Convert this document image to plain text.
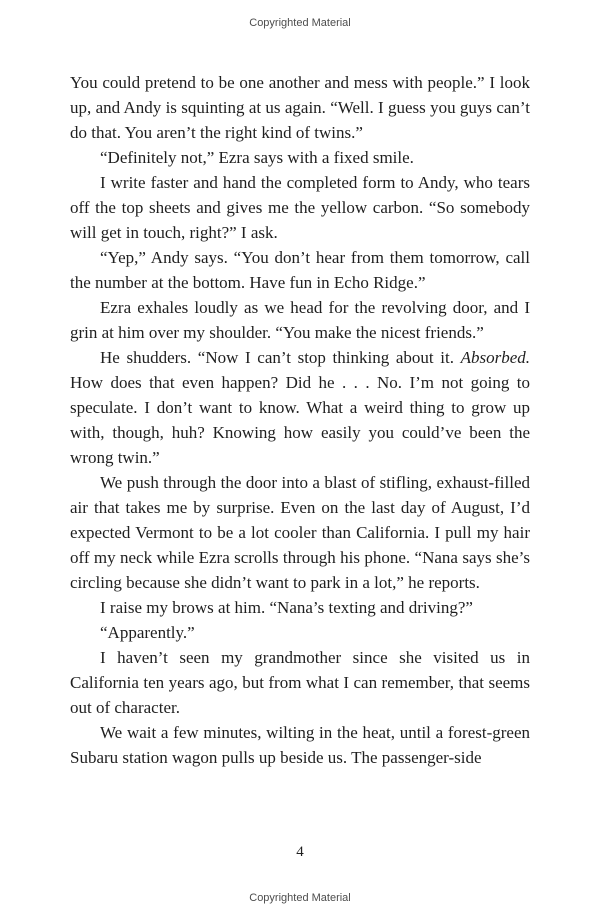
Copyrighted Material

You could pretend to be one another and mess with people.” I look up, and Andy is squinting at us again. “Well. I guess you guys can’t do that. You aren’t the right kind of twins.”

“Definitely not,” Ezra says with a fixed smile.

I write faster and hand the completed form to Andy, who tears off the top sheets and gives me the yellow carbon. “So somebody will get in touch, right?” I ask.

“Yep,” Andy says. “You don’t hear from them tomorrow, call the number at the bottom. Have fun in Echo Ridge.”

Ezra exhales loudly as we head for the revolving door, and I grin at him over my shoulder. “You make the nicest friends.”

He shudders. “Now I can’t stop thinking about it. Absorbed. How does that even happen? Did he . . . No. I’m not going to speculate. I don’t want to know. What a weird thing to grow up with, though, huh? Knowing how easily you could’ve been the wrong twin.”

We push through the door into a blast of stifling, exhaust-filled air that takes me by surprise. Even on the last day of August, I’d expected Vermont to be a lot cooler than California. I pull my hair off my neck while Ezra scrolls through his phone. “Nana says she’s circling because she didn’t want to park in a lot,” he reports.

I raise my brows at him. “Nana’s texting and driving?”

“Apparently.”

I haven’t seen my grandmother since she visited us in California ten years ago, but from what I can remember, that seems out of character.

We wait a few minutes, wilting in the heat, until a forest-green Subaru station wagon pulls up beside us. The passenger-side

4
Copyrighted Material
